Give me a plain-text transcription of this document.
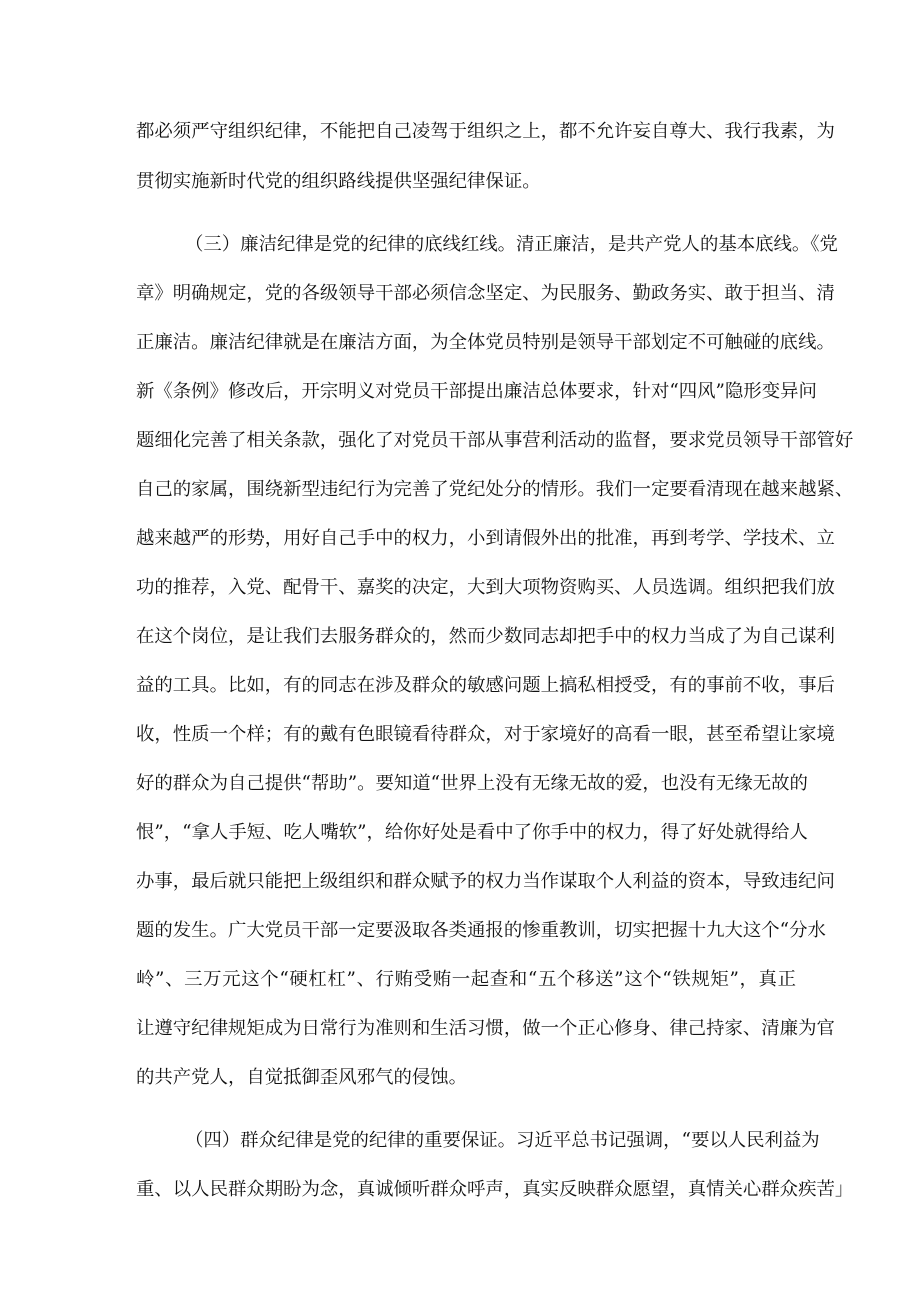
都必须严守组织纪律，不能把自己凌驾于组织之上，都不允许妄自尊大、我行我素，为
贯彻实施新时代党的组织路线提供坚强纪律保证。
（三）廉洁纪律是党的纪律的底线红线。清正廉洁，是共产党人的基本底线。《党
章》明确规定，党的各级领导干部必须信念坚定、为民服务、勤政务实、敢于担当、清
正廉洁。廉洁纪律就是在廉洁方面，为全体党员特别是领导干部划定不可触碰的底线。
新《条例》修改后，开宗明义对党员干部提出廉洁总体要求，针对“四风”隐形变异问
题细化完善了相关条款，强化了对党员干部从事营利活动的监督，要求党员领导干部管好
自己的家属，围绕新型违纪行为完善了党纪处分的情形。我们一定要看清现在越来越紧、
越来越严的形势，用好自己手中的权力，小到请假外出的批准，再到考学、学技术、立
功的推荐，入党、配骨干、嘉奖的决定，大到大项物资购买、人员选调。组织把我们放
在这个岗位，是让我们去服务群众的，然而少数同志却把手中的权力当成了为自己谋利
益的工具。比如，有的同志在涉及群众的敏感问题上搞私相授受，有的事前不收，事后
收，性质一个样；有的戴有色眼镜看待群众，对于家境好的高看一眼，甚至希望让家境
好的群众为自己提供“帮助”。要知道“世界上没有无缘无故的爱，也没有无缘无故的
恨”，“拿人手短、吃人嘴软”，给你好处是看中了你手中的权力，得了好处就得给人
办事，最后就只能把上级组织和群众赋予的权力当作谋取个人利益的资本，导致违纪问
题的发生。广大党员干部一定要汲取各类通报的惨重教训，切实把握十九大这个“分水
岭”、三万元这个“硬杠杠”、行贿受贿一起查和“五个移送”这个“铁规矩”，真正
让遵守纪律规矩成为日常行为准则和生活习惯，做一个正心修身、律己持家、清廉为官
的共产党人，自觉抵御歪风邪气的侵蚀。
（四）群众纪律是党的纪律的重要保证。习近平总书记强调，“要以人民利益为
重、以人民群众期盼为念，真诚倾听群众呼声，真实反映群众愿望，真情关心群众疾苦」
